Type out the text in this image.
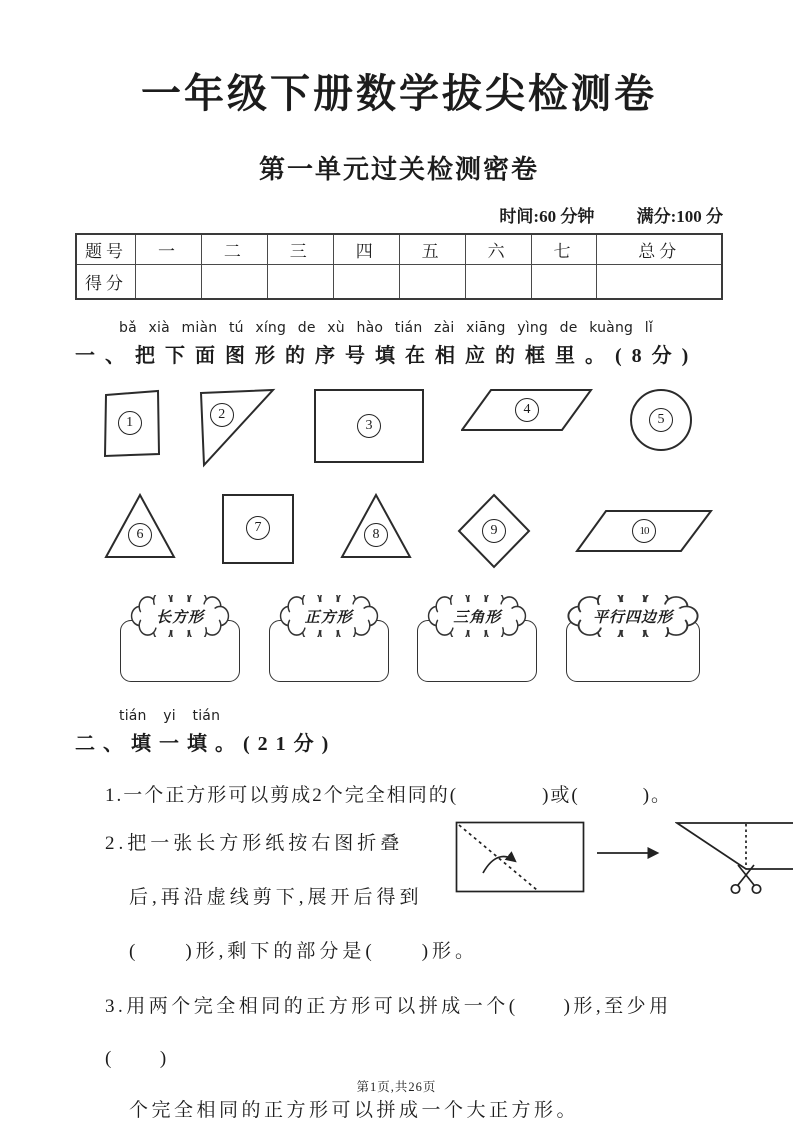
一年级下册数学拔尖检测卷
第一单元过关检测密卷
时间:60 分钟 满分:100 分
题号	一	二	三	四	五	六	七	总分
得分								
bǎ xià miàn tú xíng de xù hào tián zài xiāng yìng de kuàng lǐ
一、把下面图形的序号填在相应的框里。(8分)
1
2
3
4
5
6	7	8	9	10
长方形	正方形	三角形	平行四边形
tián yi tián
二、填一填。(21分)
1.一个正方形可以剪成2个完全相同的(　　　　)或(　　　)。
2.把一张长方形纸按右图折叠
后,再沿虚线剪下,展开后得到
(　　)形,剩下的部分是(　　)形。
3.用两个完全相同的正方形可以拼成一个(　　)形,至少用(　　)
个完全相同的正方形可以拼成一个大正方形。
第1页,共26页
